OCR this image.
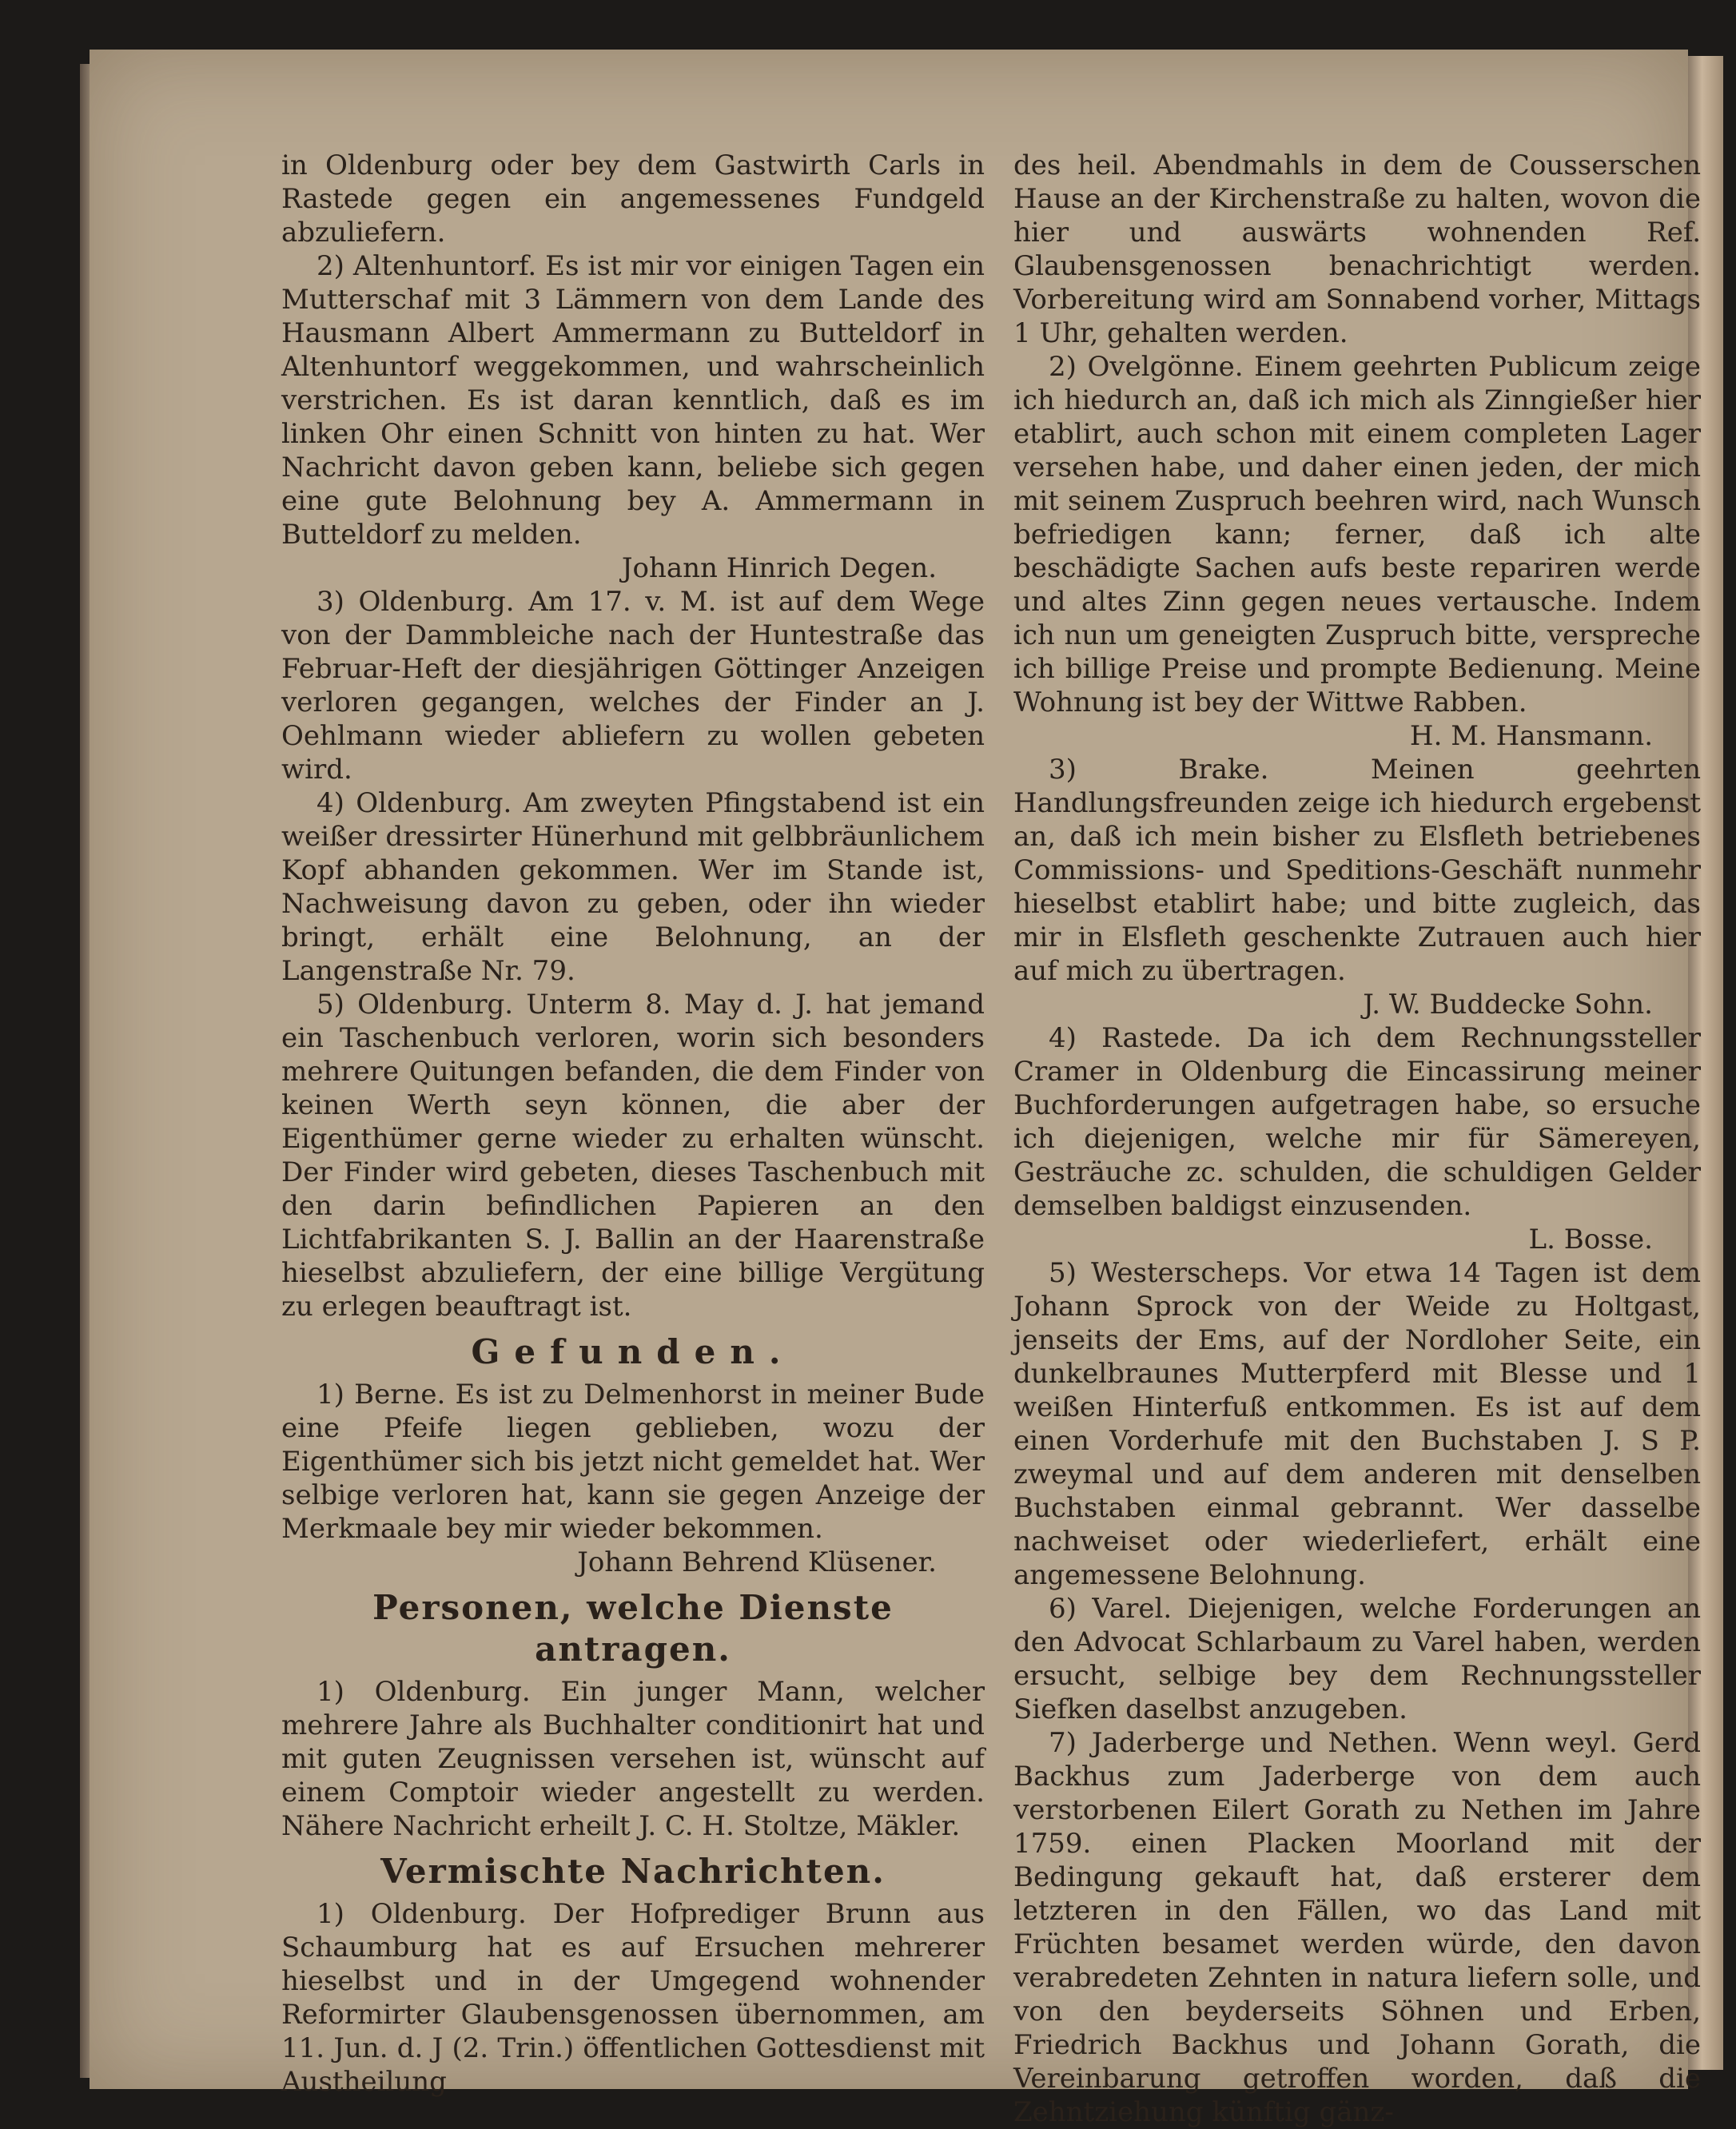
in Oldenburg oder bey dem Gastwirth Carls in Rastede gegen ein angemessenes Fundgeld abzuliefern.

2) Altenhuntorf. Es ist mir vor einigen Tagen ein Mutterschaf mit 3 Lämmern von dem Lande des Hausmann Albert Ammermann zu Butteldorf in Altenhuntorf weggekommen, und wahrscheinlich verstrichen. Es ist daran kenntlich, daß es im linken Ohr einen Schnitt von hinten zu hat. Wer Nachricht davon geben kann, beliebe sich gegen eine gute Belohnung bey A. Ammermann in Butteldorf zu melden.

Johann Hinrich Degen.

3) Oldenburg. Am 17. v. M. ist auf dem Wege von der Dammbleiche nach der Huntestraße das Februar-Heft der diesjährigen Göttinger Anzeigen verloren gegangen, welches der Finder an J. Oehlmann wieder abliefern zu wollen gebeten wird.

4) Oldenburg. Am zweyten Pfingstabend ist ein weißer dressirter Hünerhund mit gelbbräunlichem Kopf abhanden gekommen. Wer im Stande ist, Nachweisung davon zu geben, oder ihn wieder bringt, erhält eine Belohnung, an der Langenstraße Nr. 79.

5) Oldenburg. Unterm 8. May d. J. hat jemand ein Taschenbuch verloren, worin sich besonders mehrere Quitungen befanden, die dem Finder von keinen Werth seyn können, die aber der Eigenthümer gerne wieder zu erhalten wünscht. Der Finder wird gebeten, dieses Taschenbuch mit den darin befindlichen Papieren an den Lichtfabrikanten S. J. Ballin an der Haarenstraße hieselbst abzuliefern, der eine billige Vergütung zu erlegen beauftragt ist.

Gefunden.

1) Berne. Es ist zu Delmenhorst in meiner Bude eine Pfeife liegen geblieben, wozu der Eigenthümer sich bis jetzt nicht gemeldet hat. Wer selbige verloren hat, kann sie gegen Anzeige der Merkmaale bey mir wieder bekommen.

Johann Behrend Klüsener.

Personen, welche Dienste antragen.

1) Oldenburg. Ein junger Mann, welcher mehrere Jahre als Buchhalter conditionirt hat und mit guten Zeugnissen versehen ist, wünscht auf einem Comptoir wieder angestellt zu werden. Nähere Nachricht erheilt J. C. H. Stoltze, Mäkler.

Vermischte Nachrichten.

1) Oldenburg. Der Hofprediger Brunn aus Schaumburg hat es auf Ersuchen mehrerer hieselbst und in der Umgegend wohnender Reformirter Glaubensgenossen übernommen, am 11. Jun. d. J (2. Trin.) öffentlichen Gottesdienst mit Austheilung

des heil. Abendmahls in dem de Cousserschen Hause an der Kirchenstraße zu halten, wovon die hier und auswärts wohnenden Ref. Glaubensgenossen benachrichtigt werden. Vorbereitung wird am Sonnabend vorher, Mittags 1 Uhr, gehalten werden.

2) Ovelgönne. Einem geehrten Publicum zeige ich hiedurch an, daß ich mich als Zinngießer hier etablirt, auch schon mit einem completen Lager versehen habe, und daher einen jeden, der mich mit seinem Zuspruch beehren wird, nach Wunsch befriedigen kann; ferner, daß ich alte beschädigte Sachen aufs beste repariren werde und altes Zinn gegen neues vertausche. Indem ich nun um geneigten Zuspruch bitte, verspreche ich billige Preise und prompte Bedienung. Meine Wohnung ist bey der Wittwe Rabben.

H. M. Hansmann.

3) Brake. Meinen geehrten Handlungsfreunden zeige ich hiedurch ergebenst an, daß ich mein bisher zu Elsfleth betriebenes Commissions- und Speditions-Geschäft nunmehr hieselbst etablirt habe; und bitte zugleich, das mir in Elsfleth geschenkte Zutrauen auch hier auf mich zu übertragen.

J. W. Buddecke Sohn.

4) Rastede. Da ich dem Rechnungssteller Cramer in Oldenburg die Eincassirung meiner Buchforderungen aufgetragen habe, so ersuche ich diejenigen, welche mir für Sämereyen, Gesträuche zc. schulden, die schuldigen Gelder demselben baldigst einzusenden.

L. Bosse.

5) Westerscheps. Vor etwa 14 Tagen ist dem Johann Sprock von der Weide zu Holtgast, jenseits der Ems, auf der Nordloher Seite, ein dunkelbraunes Mutterpferd mit Blesse und 1 weißen Hinterfuß entkommen. Es ist auf dem einen Vorderhufe mit den Buchstaben J. S P. zweymal und auf dem anderen mit denselben Buchstaben einmal gebrannt. Wer dasselbe nachweiset oder wiederliefert, erhält eine angemessene Belohnung.

6) Varel. Diejenigen, welche Forderungen an den Advocat Schlarbaum zu Varel haben, werden ersucht, selbige bey dem Rechnungssteller Siefken daselbst anzugeben.

7) Jaderberge und Nethen. Wenn weyl. Gerd Backhus zum Jaderberge von dem auch verstorbenen Eilert Gorath zu Nethen im Jahre 1759. einen Placken Moorland mit der Bedingung gekauft hat, daß ersterer dem letzteren in den Fällen, wo das Land mit Früchten besamet werden würde, den davon verabredeten Zehnten in natura liefern solle, und von den beyderseits Söhnen und Erben, Friedrich Backhus und Johann Gorath, die Vereinbarung getroffen worden, daß die Zehntziehung künftig gänz-
